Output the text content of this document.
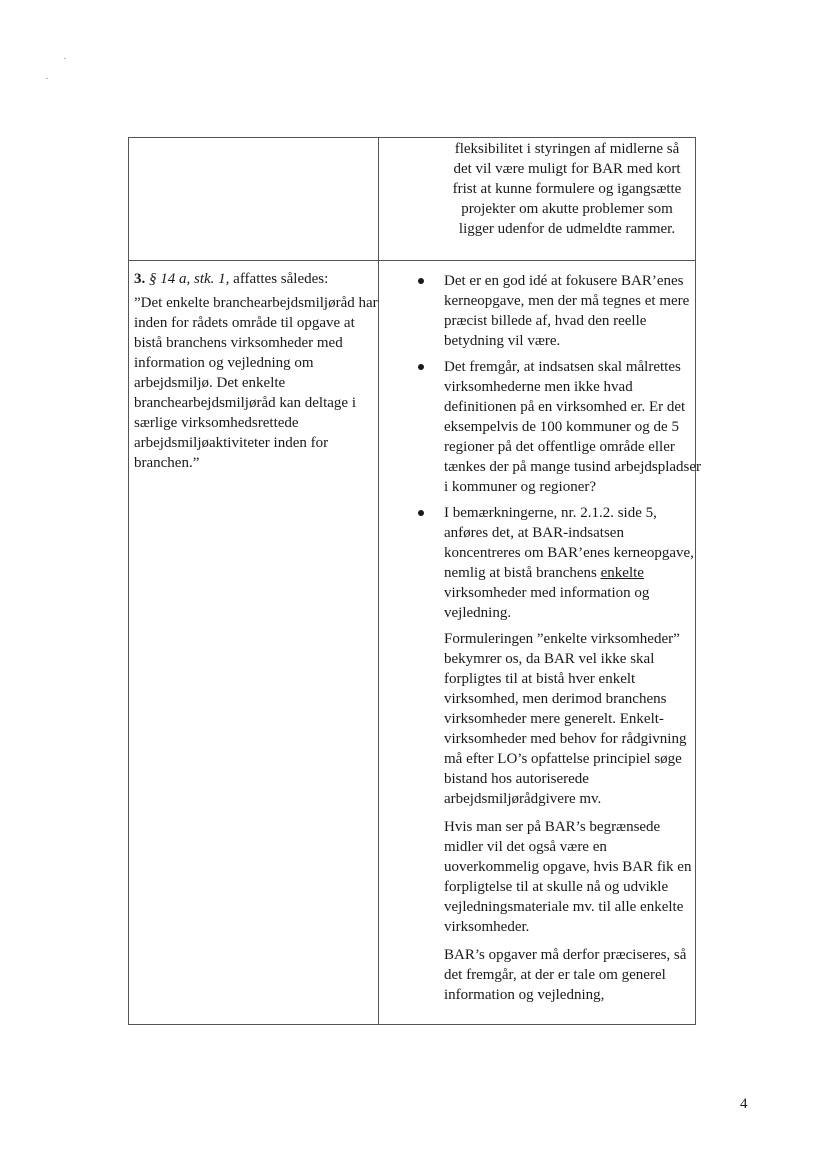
fleksibilitet i styringen af midlerne så

det vil være muligt for BAR med kort

frist at kunne formulere og igangsætte

projekter om akutte problemer som

ligger udenfor de udmeldte rammer.

3. § 14 a, stk. 1, affattes således:

”Det enkelte branchearbejdsmiljøråd har inden for rådets område til opgave at bistå branchens virksomheder med information og vejledning om arbejdsmiljø. Det enkelte branchearbejdsmiljøråd kan deltage i særlige virksomhedsrettede arbejdsmiljøaktiviteter inden for branchen.”

Det er en god idé at fokusere BAR’enes kerneopgave, men der må tegnes et mere præcist billede af, hvad den reelle betydning vil være.
Det fremgår, at indsatsen skal målrettes virksomhederne men ikke hvad definitionen på en virksomhed er. Er det eksempelvis de 100 kommuner og de 5 regioner på det offentlige område eller tænkes der på mange tusind arbejdspladser i kommuner og regioner?
I bemærkningerne, nr. 2.1.2. side 5, anføres det, at BAR-indsatsen koncentreres om BAR’enes kerneopgave, nemlig at bistå branchens enkelte virksomheder med information og vejledning.
Formuleringen ”enkelte virksomheder” bekymrer os, da BAR vel ikke skal forpligtes til at bistå hver enkelt virksomhed, men derimod branchens virksomheder mere generelt. Enkelt-virksomheder med behov for rådgivning må efter LO’s opfattelse principiel søge bistand hos autoriserede arbejdsmiljørådgivere mv.
Hvis man ser på BAR’s begrænsede midler vil det også være en uoverkommelig opgave, hvis BAR fik en forpligtelse til at skulle nå og udvikle vejledningsmateriale mv. til alle enkelte virksomheder.
BAR’s opgaver må derfor præciseres, så det fremgår, at der er tale om generel information og vejledning,
4
